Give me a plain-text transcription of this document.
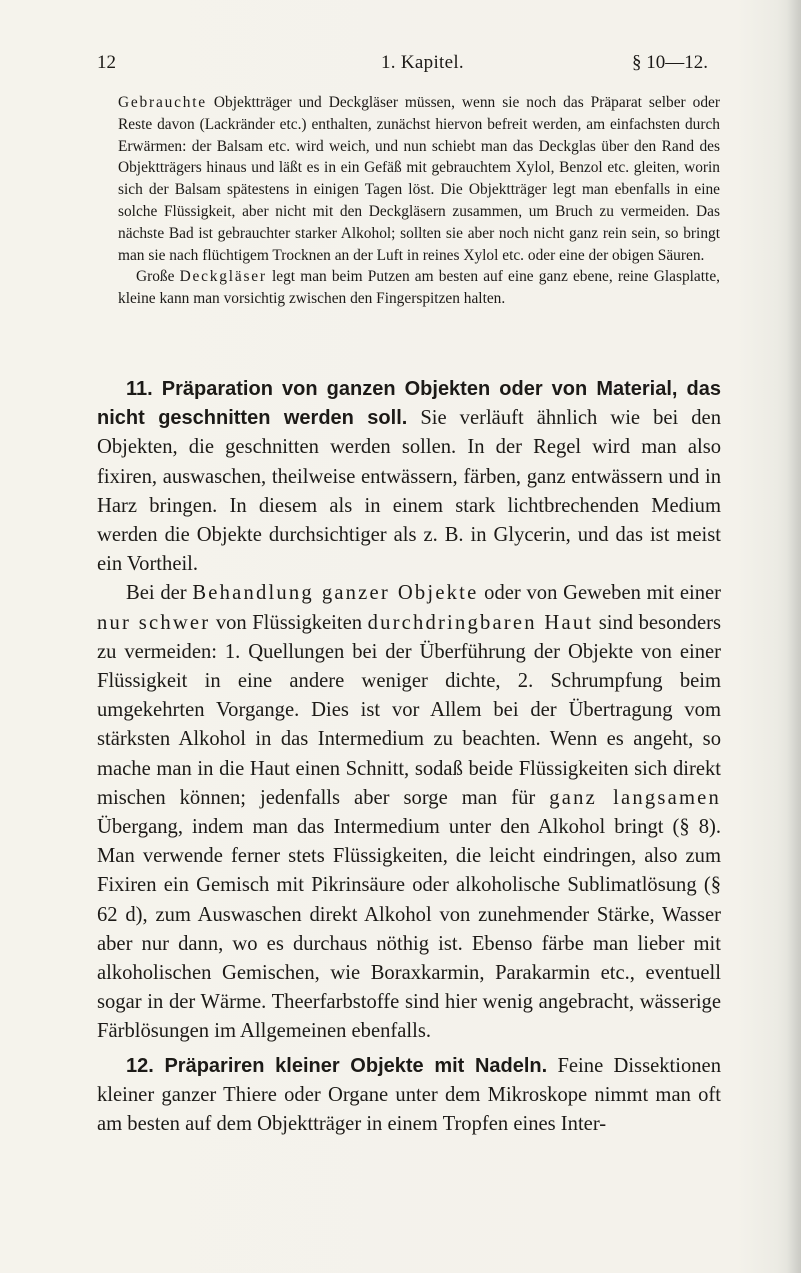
12	1. Kapitel.	§ 10—12.

Gebrauchte Objektträger und Deckgläser müssen, wenn sie noch das Präparat selber oder Reste davon (Lackränder etc.) enthalten, zunächst hiervon befreit werden, am einfachsten durch Erwärmen: der Balsam etc. wird weich, und nun schiebt man das Deckglas über den Rand des Objektträgers hinaus und läßt es in ein Gefäß mit gebrauchtem Xylol, Benzol etc. gleiten, worin sich der Balsam spätestens in einigen Tagen löst. Die Objektträger legt man ebenfalls in eine solche Flüssigkeit, aber nicht mit den Deckgläsern zusammen, um Bruch zu vermeiden. Das nächste Bad ist gebrauchter starker Alkohol; sollten sie aber noch nicht ganz rein sein, so bringt man sie nach flüchtigem Trocknen an der Luft in reines Xylol etc. oder eine der obigen Säuren.

Große Deckgläser legt man beim Putzen am besten auf eine ganz ebene, reine Glasplatte, kleine kann man vorsichtig zwischen den Fingerspitzen halten.

11. Präparation von ganzen Objekten oder von Material, das nicht geschnitten werden soll. Sie verläuft ähnlich wie bei den Objekten, die geschnitten werden sollen. In der Regel wird man also fixiren, auswaschen, theilweise entwässern, färben, ganz entwässern und in Harz bringen. In diesem als in einem stark lichtbrechenden Medium werden die Objekte durchsichtiger als z. B. in Glycerin, und das ist meist ein Vortheil.

Bei der Behandlung ganzer Objekte oder von Geweben mit einer nur schwer von Flüssigkeiten durchdringbaren Haut sind besonders zu vermeiden: 1. Quellungen bei der Überführung der Objekte von einer Flüssigkeit in eine andere weniger dichte, 2. Schrumpfung beim umgekehrten Vorgange. Dies ist vor Allem bei der Übertragung vom stärksten Alkohol in das Intermedium zu beachten. Wenn es angeht, so mache man in die Haut einen Schnitt, sodaß beide Flüssigkeiten sich direkt mischen können; jedenfalls aber sorge man für ganz langsamen Übergang, indem man das Intermedium unter den Alkohol bringt (§ 8). Man verwende ferner stets Flüssigkeiten, die leicht eindringen, also zum Fixiren ein Gemisch mit Pikrinsäure oder alkoholische Sublimatlösung (§ 62 d), zum Auswaschen direkt Alkohol von zunehmender Stärke, Wasser aber nur dann, wo es durchaus nöthig ist. Ebenso färbe man lieber mit alkoholischen Gemischen, wie Boraxkarmin, Parakarmin etc., eventuell sogar in der Wärme. Theerfarbstoffe sind hier wenig angebracht, wässerige Färblösungen im Allgemeinen ebenfalls.

12. Präpariren kleiner Objekte mit Nadeln. Feine Dissektionen kleiner ganzer Thiere oder Organe unter dem Mikroskope nimmt man oft am besten auf dem Objektträger in einem Tropfen eines Inter-
